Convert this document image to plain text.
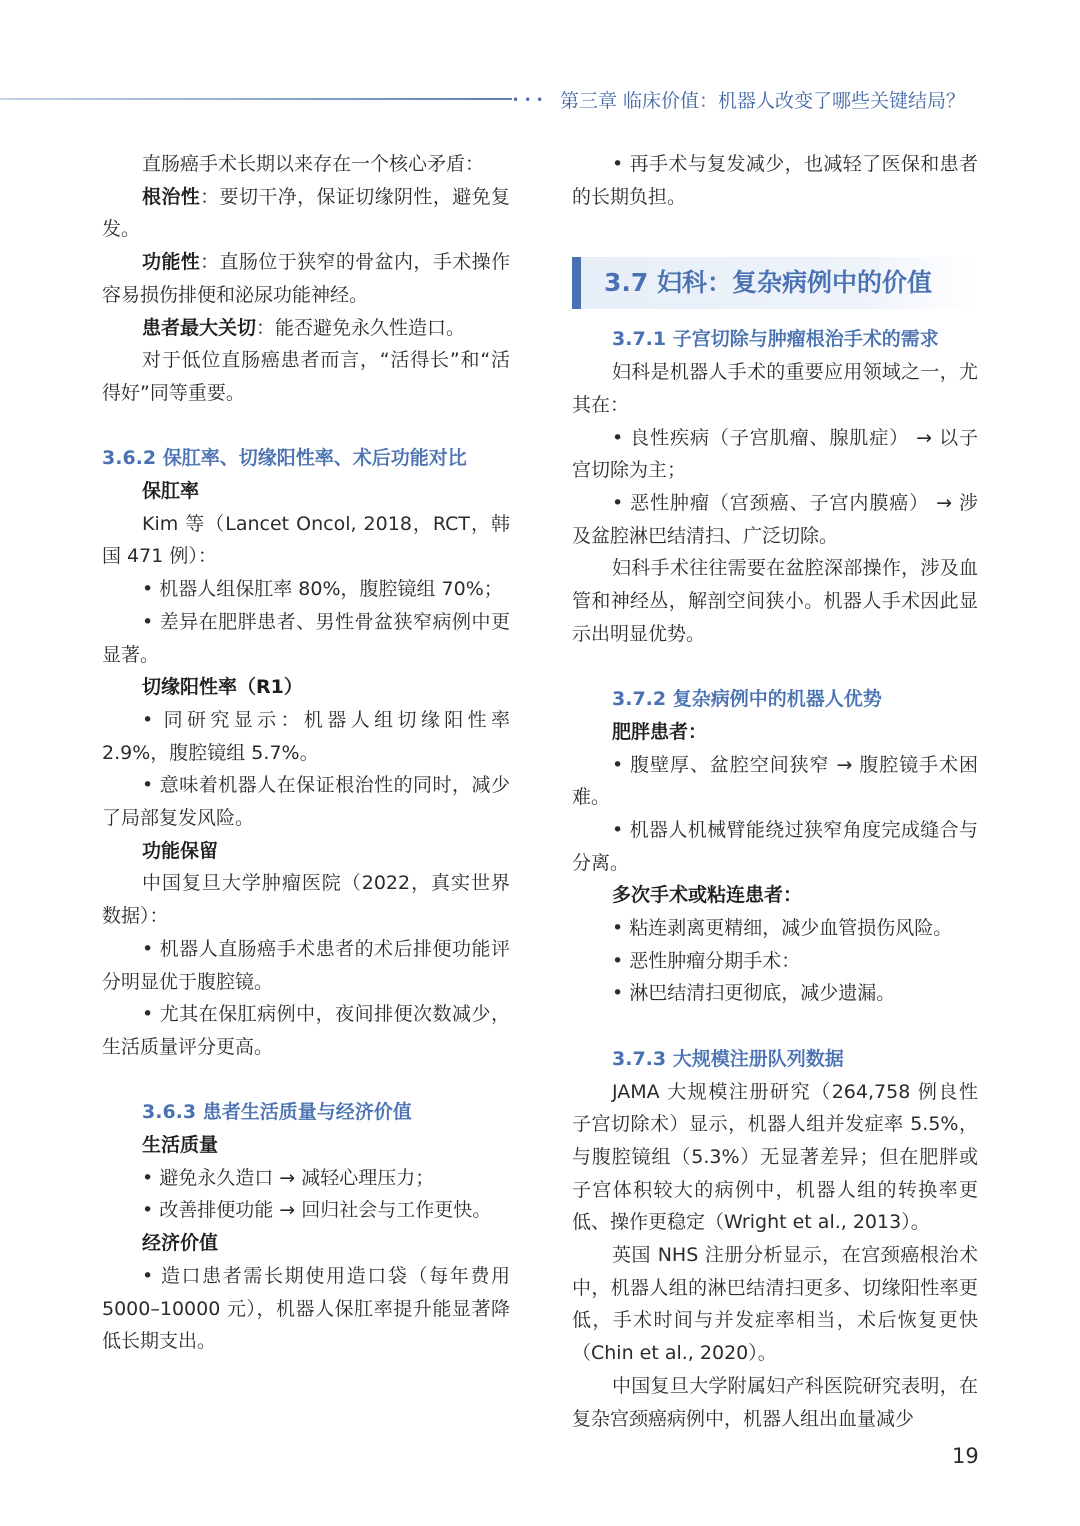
••• 第三章 临床价值：机器人改变了哪些关键结局？

直肠癌手术长期以来存在一个核心矛盾：

根治性：要切干净，保证切缘阴性，避免复发。

功能性：直肠位于狭窄的骨盆内，手术操作容易损伤排便和泌尿功能神经。

患者最大关切：能否避免永久性造口。

对于低位直肠癌患者而言，“活得长”和“活得好”同等重要。

3.6.2 保肛率、切缘阳性率、术后功能对比

保肛率

Kim 等（Lancet Oncol, 2018，RCT，韩国 471 例）：

• 机器人组保肛率 80%，腹腔镜组 70%；

• 差异在肥胖患者、男性骨盆狭窄病例中更显著。

切缘阳性率（R1）

• 同研究显示：机器人组切缘阳性率 2.9%，腹腔镜组 5.7%。

• 意味着机器人在保证根治性的同时，减少了局部复发风险。

功能保留

中国复旦大学肿瘤医院（2022，真实世界数据）：

• 机器人直肠癌手术患者的术后排便功能评分明显优于腹腔镜。

• 尤其在保肛病例中，夜间排便次数减少，生活质量评分更高。

3.6.3 患者生活质量与经济价值

生活质量

• 避免永久造口 → 减轻心理压力；

• 改善排便功能 → 回归社会与工作更快。

经济价值

• 造口患者需长期使用造口袋（每年费用 5000–10000 元），机器人保肛率提升能显著降低长期支出。

• 再手术与复发减少，也减轻了医保和患者的长期负担。

3.7 妇科：复杂病例中的价值

3.7.1 子宫切除与肿瘤根治手术的需求

妇科是机器人手术的重要应用领域之一，尤其在：

• 良性疾病（子宫肌瘤、腺肌症） → 以子宫切除为主；

• 恶性肿瘤（宫颈癌、子宫内膜癌） → 涉及盆腔淋巴结清扫、广泛切除。

妇科手术往往需要在盆腔深部操作，涉及血管和神经丛，解剖空间狭小。机器人手术因此显示出明显优势。

3.7.2 复杂病例中的机器人优势

肥胖患者：

• 腹壁厚、盆腔空间狭窄 → 腹腔镜手术困难。

• 机器人机械臂能绕过狭窄角度完成缝合与分离。

多次手术或粘连患者：

• 粘连剥离更精细，减少血管损伤风险。

• 恶性肿瘤分期手术：

• 淋巴结清扫更彻底，减少遗漏。

3.7.3 大规模注册队列数据

JAMA 大规模注册研究（264,758 例良性子宫切除术）显示，机器人组并发症率 5.5%，与腹腔镜组（5.3%）无显著差异；但在肥胖或子宫体积较大的病例中，机器人组的转换率更低、操作更稳定（Wright et al., 2013）。

英国 NHS 注册分析显示，在宫颈癌根治术中，机器人组的淋巴结清扫更多、切缘阳性率更低，手术时间与并发症率相当，术后恢复更快（Chin et al., 2020）。

中国复旦大学附属妇产科医院研究表明，在复杂宫颈癌病例中，机器人组出血量减少

19
